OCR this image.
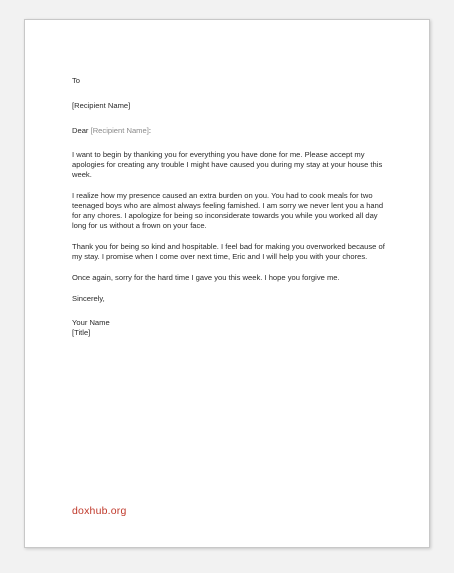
To

[Recipient Name]

Dear [Recipient Name]:

I want to begin by thanking you for everything you have done for me. Please accept my apologies for creating any trouble I might have caused you during my stay at your house this week.

I realize how my presence caused an extra burden on you. You had to cook meals for two teenaged boys who are almost always feeling famished. I am sorry we never lent you a hand for any chores. I apologize for being so inconsiderate towards you while you worked all day long for us without a frown on your face.

Thank you for being so kind and hospitable. I feel bad for making you overworked because of my stay. I promise when I come over next time, Eric and I will help you with your chores.

Once again, sorry for the hard time I gave you this week. I hope you forgive me.

Sincerely,

Your Name

[Title]

doxhub.org
